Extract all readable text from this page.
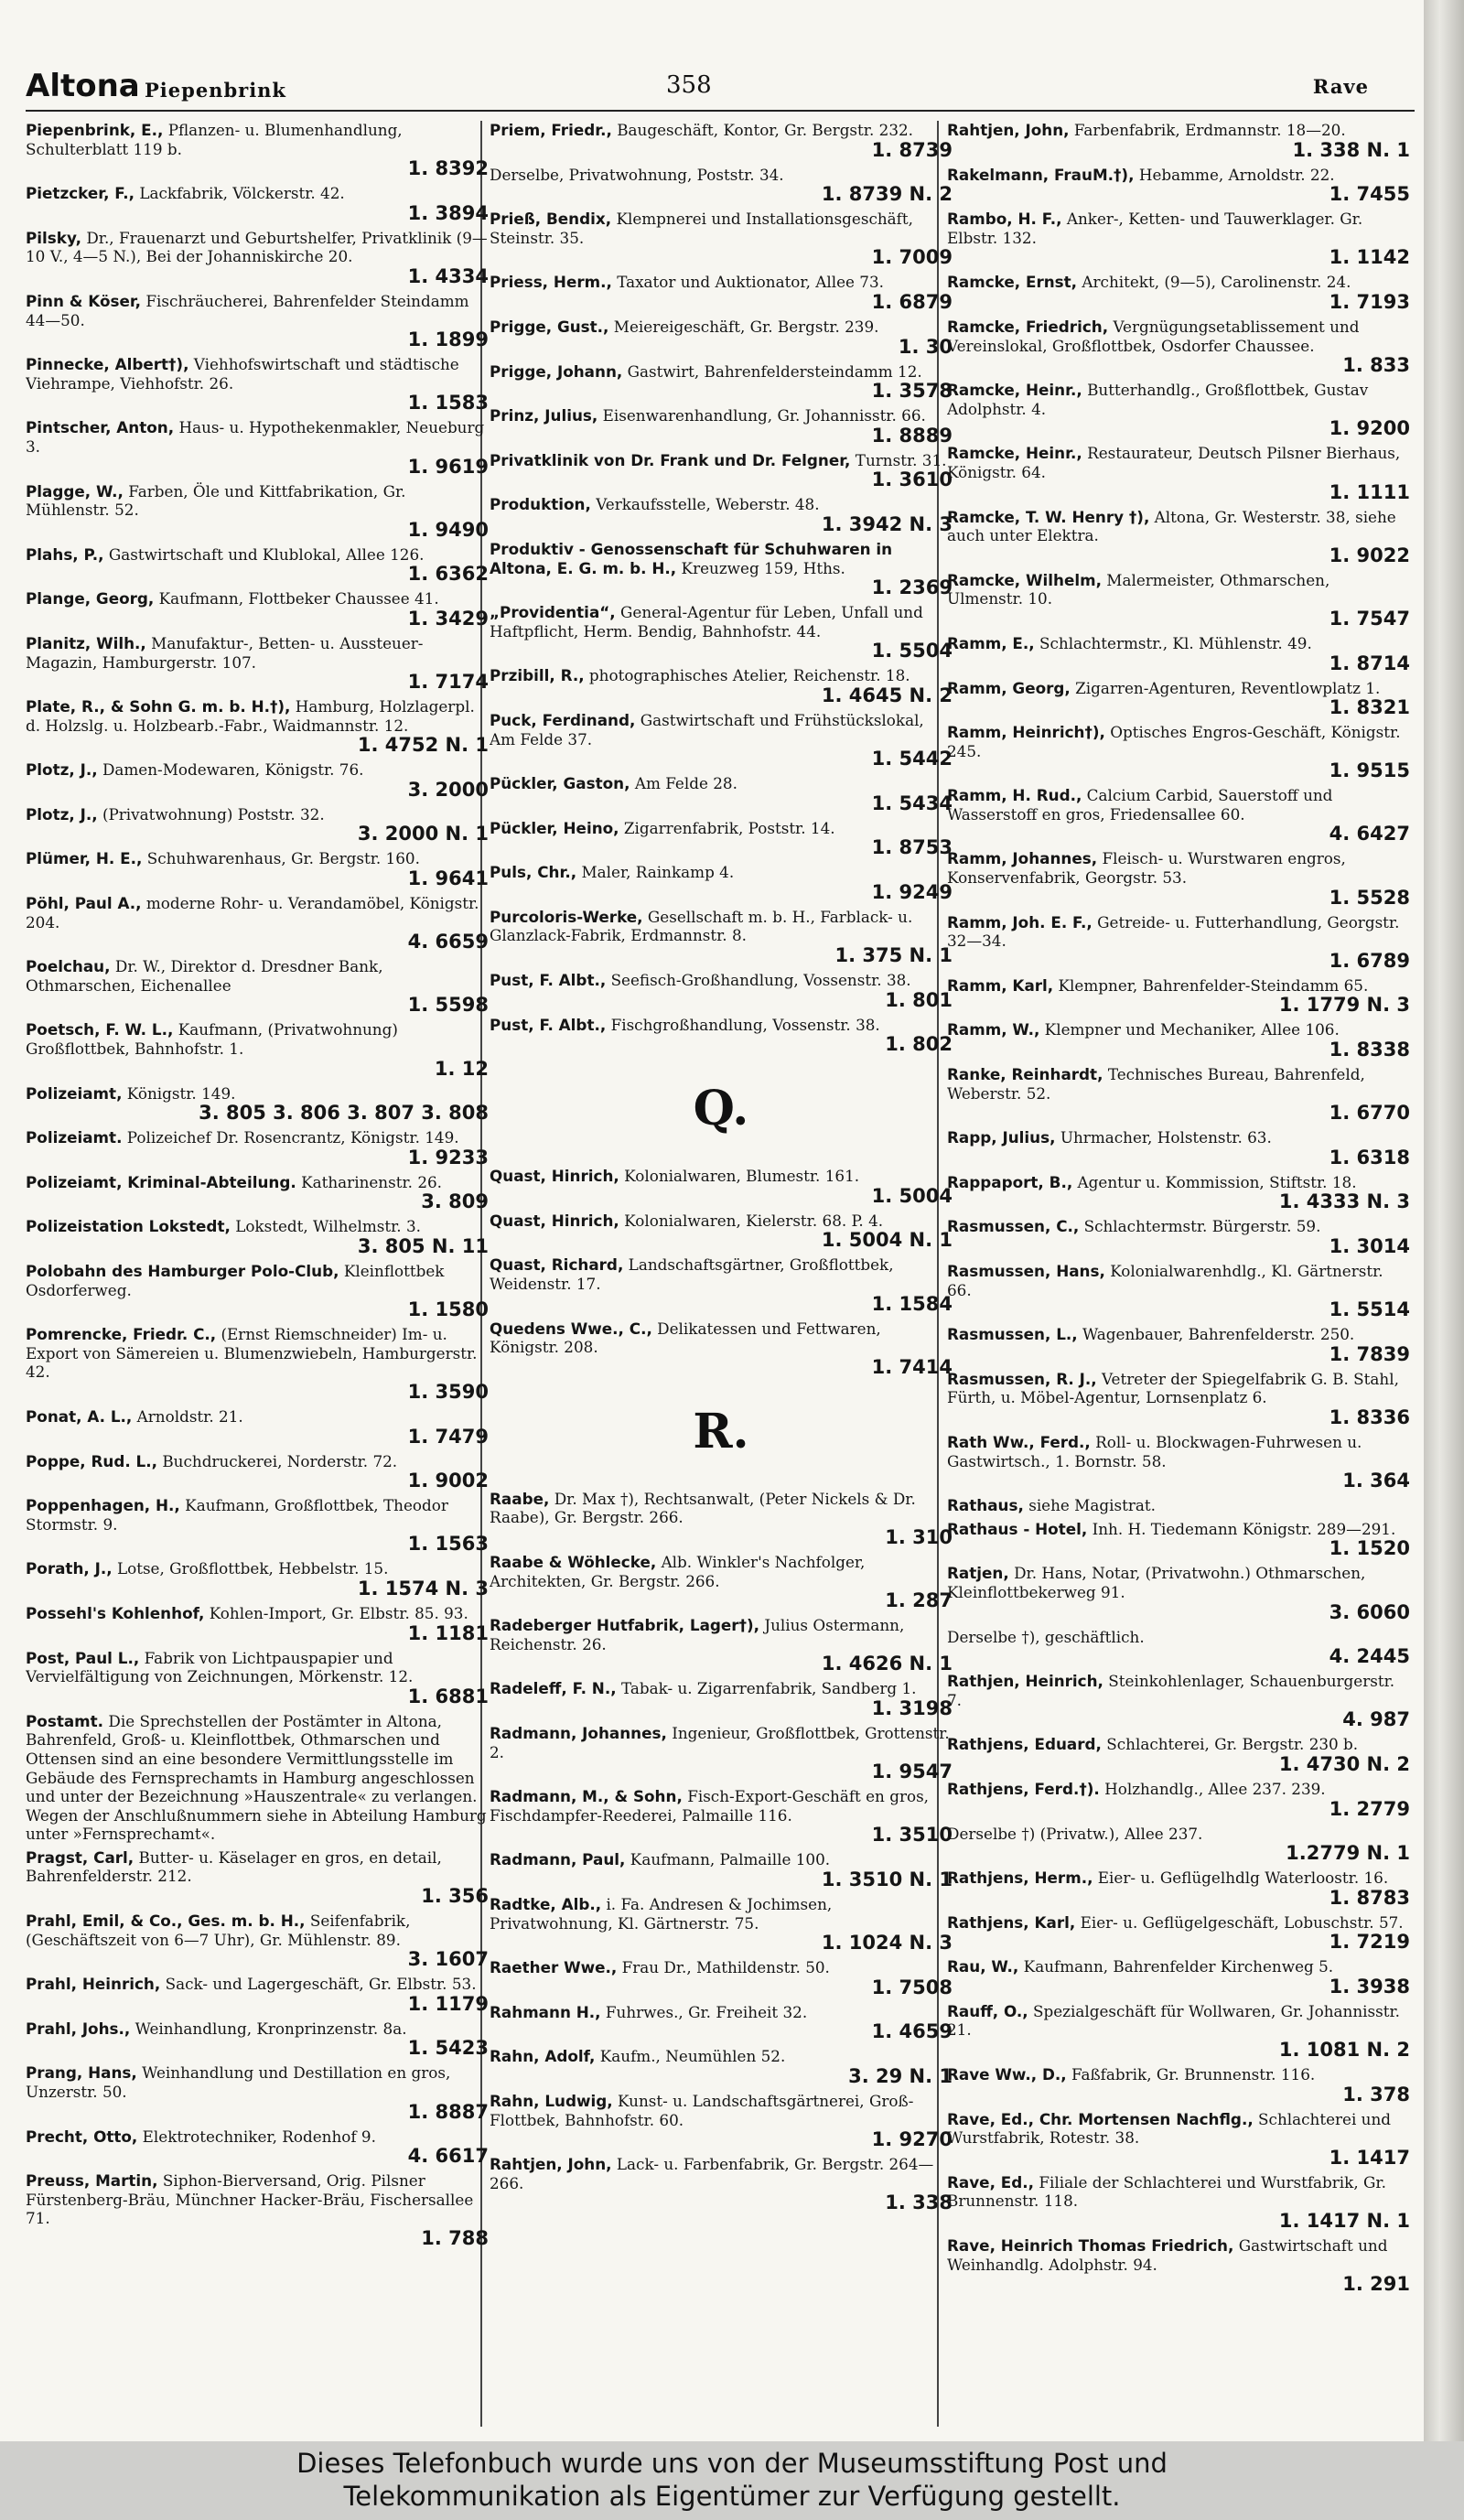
Altona Piepenbrink	358	Rave
Piepenbrink, E., Pflanzen- u. Blumenhandlung, Schulterblatt 119 b.
1. 8392
Pietzcker, F., Lackfabrik, Völckerstr. 42.
1. 3894
Pilsky, Dr., Frauenarzt und Geburtshelfer, Privatklinik (9—10 V., 4—5 N.), Bei der Johanniskirche 20.
1. 4334
Pinn & Köser, Fischräucherei, Bahrenfelder Steindamm 44—50.
1. 1899
Pinnecke, Albert†), Viehhofswirtschaft und städtische Viehrampe, Viehhofstr. 26.
1. 1583
Pintscher, Anton, Haus- u. Hypothekenmakler, Neueburg 3.
1. 9619
Plagge, W., Farben, Öle und Kittfabrikation, Gr. Mühlenstr. 52.
1. 9490
Plahs, P., Gastwirtschaft und Klublokal, Allee 126.
1. 6362
Plange, Georg, Kaufmann, Flottbeker Chaussee 41.
1. 3429
Planitz, Wilh., Manufaktur-, Betten- u. Aussteuer-Magazin, Hamburgerstr. 107.
1. 7174
Plate, R., & Sohn G. m. b. H.†), Hamburg, Holzlagerpl. d. Holzslg. u. Holzbearb.-Fabr., Waidmannstr. 12.
1. 4752 N. 1
Plotz, J., Damen-Modewaren, Königstr. 76.
3. 2000
Plotz, J., (Privatwohnung) Poststr. 32.
3. 2000 N. 1
Plümer, H. E., Schuhwarenhaus, Gr. Bergstr. 160.
1. 9641
Pöhl, Paul A., moderne Rohr- u. Verandamöbel, Königstr. 204.
4. 6659
Poelchau, Dr. W., Direktor d. Dresdner Bank, Othmarschen, Eichenallee
1. 5598
Poetsch, F. W. L., Kaufmann, (Privatwohnung) Großflottbek, Bahnhofstr. 1.
1. 12
Polizeiamt, Königstr. 149.
3. 805 3. 806 3. 807 3. 808
Polizeiamt. Polizeichef Dr. Rosencrantz, Königstr. 149.
1. 9233
Polizeiamt, Kriminal-Abteilung. Katharinenstr. 26.
3. 809
Polizeistation Lokstedt, Lokstedt, Wilhelmstr. 3.
3. 805 N. 11
Polobahn des Hamburger Polo-Club, Kleinflottbek Osdorferweg.
1. 1580
Pomrencke, Friedr. C., (Ernst Riemschneider) Im- u. Export von Sämereien u. Blumenzwiebeln, Hamburgerstr. 42.
1. 3590
Ponat, A. L., Arnoldstr. 21.
1. 7479
Poppe, Rud. L., Buchdruckerei, Norderstr. 72.
1. 9002
Poppenhagen, H., Kaufmann, Großflottbek, Theodor Stormstr. 9.
1. 1563
Porath, J., Lotse, Großflottbek, Hebbelstr. 15.
1. 1574 N. 3
Possehl's Kohlenhof, Kohlen-Import, Gr. Elbstr. 85. 93.
1. 1181
Post, Paul L., Fabrik von Lichtpauspapier und Vervielfältigung von Zeichnungen, Mörkenstr. 12.
1. 6881
Postamt. Die Sprechstellen der Postämter in Altona, Bahrenfeld, Groß- u. Kleinflottbek, Othmarschen und Ottensen sind an eine besondere Vermittlungsstelle im Gebäude des Fernsprechamts in Hamburg angeschlossen und unter der Bezeichnung »Hauszentrale« zu verlangen. Wegen der Anschlußnummern siehe in Abteilung Hamburg unter »Fernsprechamt«.
Pragst, Carl, Butter- u. Käselager en gros, en detail, Bahrenfelderstr. 212.
1. 356
Prahl, Emil, & Co., Ges. m. b. H., Seifenfabrik, (Geschäftszeit von 6—7 Uhr), Gr. Mühlenstr. 89.
3. 1607
Prahl, Heinrich, Sack- und Lagergeschäft, Gr. Elbstr. 53.
1. 1179
Prahl, Johs., Weinhandlung, Kronprinzenstr. 8a.
1. 5423
Prang, Hans, Weinhandlung und Destillation en gros, Unzerstr. 50.
1. 8887
Precht, Otto, Elektrotechniker, Rodenhof 9.
4. 6617
Preuss, Martin, Siphon-Bierversand, Orig. Pilsner Fürstenberg-Bräu, Münchner Hacker-Bräu, Fischersallee 71.
1. 788
Priem, Friedr., Baugeschäft, Kontor, Gr. Bergstr. 232.
1. 8739
Derselbe, Privatwohnung, Poststr. 34.
1. 8739 N. 2
Prieß, Bendix, Klempnerei und Installationsgeschäft, Steinstr. 35.
1. 7009
Priess, Herm., Taxator und Auktionator, Allee 73.
1. 6879
Prigge, Gust., Meiereigeschäft, Gr. Bergstr. 239.
1. 30
Prigge, Johann, Gastwirt, Bahrenfeldersteindamm 12.
1. 3578
Prinz, Julius, Eisenwarenhandlung, Gr. Johannisstr. 66.
1. 8889
Privatklinik von Dr. Frank und Dr. Felgner, Turnstr. 31.
1. 3610
Produktion, Verkaufsstelle, Weberstr. 48.
1. 3942 N. 3
Produktiv - Genossenschaft für Schuhwaren in Altona, E. G. m. b. H., Kreuzweg 159, Hths.
1. 2369
„Providentia“, General-Agentur für Leben, Unfall und Haftpflicht, Herm. Bendig, Bahnhofstr. 44.
1. 5504
Przibill, R., photographisches Atelier, Reichenstr. 18.
1. 4645 N. 2
Puck, Ferdinand, Gastwirtschaft und Frühstückslokal, Am Felde 37.
1. 5442
Pückler, Gaston, Am Felde 28.
1. 5434
Pückler, Heino, Zigarrenfabrik, Poststr. 14.
1. 8753
Puls, Chr., Maler, Rainkamp 4.
1. 9249
Purcoloris-Werke, Gesellschaft m. b. H., Farblack- u. Glanzlack-Fabrik, Erdmannstr. 8.
1. 375 N. 1
Pust, F. Albt., Seefisch-Großhandlung, Vossenstr. 38.
1. 801
Pust, F. Albt., Fischgroßhandlung, Vossenstr. 38.
1. 802
Q.
Quast, Hinrich, Kolonialwaren, Blumestr. 161.
1. 5004
Quast, Hinrich, Kolonialwaren, Kielerstr. 68. P. 4.
1. 5004 N. 1
Quast, Richard, Landschaftsgärtner, Großflottbek, Weidenstr. 17.
1. 1584
Quedens Wwe., C., Delikatessen und Fettwaren, Königstr. 208.
1. 7414
R.
Raabe, Dr. Max †), Rechtsanwalt, (Peter Nickels & Dr. Raabe), Gr. Bergstr. 266.
1. 310
Raabe & Wöhlecke, Alb. Winkler's Nachfolger, Architekten, Gr. Bergstr. 266.
1. 287
Radeberger Hutfabrik, Lager†), Julius Ostermann, Reichenstr. 26.
1. 4626 N. 1
Radeleff, F. N., Tabak- u. Zigarrenfabrik, Sandberg 1.
1. 3198
Radmann, Johannes, Ingenieur, Großflottbek, Grottenstr. 2.
1. 9547
Radmann, M., & Sohn, Fisch-Export-Geschäft en gros, Fischdampfer-Reederei, Palmaille 116.
1. 3510
Radmann, Paul, Kaufmann, Palmaille 100.
1. 3510 N. 1
Radtke, Alb., i. Fa. Andresen & Jochimsen, Privatwohnung, Kl. Gärtnerstr. 75.
1. 1024 N. 3
Raether Wwe., Frau Dr., Mathildenstr. 50.
1. 7508
Rahmann H., Fuhrwes., Gr. Freiheit 32.
1. 4659
Rahn, Adolf, Kaufm., Neumühlen 52.
3. 29 N. 1
Rahn, Ludwig, Kunst- u. Landschaftsgärtnerei, Groß-Flottbek, Bahnhofstr. 60.
1. 9270
Rahtjen, John, Lack- u. Farbenfabrik, Gr. Bergstr. 264—266.
1. 338
Rahtjen, John, Farbenfabrik, Erdmannstr. 18—20.
1. 338 N. 1
Rakelmann, FrauM.†), Hebamme, Arnoldstr. 22.
1. 7455
Rambo, H. F., Anker-, Ketten- und Tauwerklager. Gr. Elbstr. 132.
1. 1142
Ramcke, Ernst, Architekt, (9—5), Carolinenstr. 24.
1. 7193
Ramcke, Friedrich, Vergnügungsetablissement und Vereinslokal, Großflottbek, Osdorfer Chaussee.
1. 833
Ramcke, Heinr., Butterhandlg., Großflottbek, Gustav Adolphstr. 4.
1. 9200
Ramcke, Heinr., Restaurateur, Deutsch Pilsner Bierhaus, Königstr. 64.
1. 1111
Ramcke, T. W. Henry †), Altona, Gr. Westerstr. 38, siehe auch unter Elektra.
1. 9022
Ramcke, Wilhelm, Malermeister, Othmarschen, Ulmenstr. 10.
1. 7547
Ramm, E., Schlachtermstr., Kl. Mühlenstr. 49.
1. 8714
Ramm, Georg, Zigarren-Agenturen, Reventlowplatz 1.
1. 8321
Ramm, Heinrich†), Optisches Engros-Geschäft, Königstr. 245.
1. 9515
Ramm, H. Rud., Calcium Carbid, Sauerstoff und Wasserstoff en gros, Friedensallee 60.
4. 6427
Ramm, Johannes, Fleisch- u. Wurstwaren engros, Konservenfabrik, Georgstr. 53.
1. 5528
Ramm, Joh. E. F., Getreide- u. Futterhandlung, Georgstr. 32—34.
1. 6789
Ramm, Karl, Klempner, Bahrenfelder-Steindamm 65.
1. 1779 N. 3
Ramm, W., Klempner und Mechaniker, Allee 106.
1. 8338
Ranke, Reinhardt, Technisches Bureau, Bahrenfeld, Weberstr. 52.
1. 6770
Rapp, Julius, Uhrmacher, Holstenstr. 63.
1. 6318
Rappaport, B., Agentur u. Kommission, Stiftstr. 18.
1. 4333 N. 3
Rasmussen, C., Schlachtermstr. Bürgerstr. 59.
1. 3014
Rasmussen, Hans, Kolonialwarenhdlg., Kl. Gärtnerstr. 66.
1. 5514
Rasmussen, L., Wagenbauer, Bahrenfelderstr. 250.
1. 7839
Rasmussen, R. J., Vetreter der Spiegelfabrik G. B. Stahl, Fürth, u. Möbel-Agentur, Lornsenplatz 6.
1. 8336
Rath Ww., Ferd., Roll- u. Blockwagen-Fuhrwesen u. Gastwirtsch., 1. Bornstr. 58.
1. 364
Rathaus, siehe Magistrat.
Rathaus - Hotel, Inh. H. Tiedemann Königstr. 289—291.
1. 1520
Ratjen, Dr. Hans, Notar, (Privatwohn.) Othmarschen, Kleinflottbekerweg 91.
3. 6060
Derselbe †), geschäftlich.
4. 2445
Rathjen, Heinrich, Steinkohlenlager, Schauenburgerstr. 7.
4. 987
Rathjens, Eduard, Schlachterei, Gr. Bergstr. 230 b.
1. 4730 N. 2
Rathjens, Ferd.†). Holzhandlg., Allee 237. 239.
1. 2779
Derselbe †) (Privatw.), Allee 237.
1.2779 N. 1
Rathjens, Herm., Eier- u. Geflügelhdlg Waterloostr. 16.
1. 8783
Rathjens, Karl, Eier- u. Geflügelgeschäft, Lobuschstr. 57.
1. 7219
Rau, W., Kaufmann, Bahrenfelder Kirchenweg 5.
1. 3938
Rauff, O., Spezialgeschäft für Wollwaren, Gr. Johannisstr. 21.
1. 1081 N. 2
Rave Ww., D., Faßfabrik, Gr. Brunnenstr. 116.
1. 378
Rave, Ed., Chr. Mortensen Nachflg., Schlachterei und Wurstfabrik, Rotestr. 38.
1. 1417
Rave, Ed., Filiale der Schlachterei und Wurstfabrik, Gr. Brunnenstr. 118.
1. 1417 N. 1
Rave, Heinrich Thomas Friedrich, Gastwirtschaft und Weinhandlg. Adolphstr. 94.
1. 291
Dieses Telefonbuch wurde uns von der Museumsstiftung Post und
Telekommunikation als Eigentümer zur Verfügung gestellt.
